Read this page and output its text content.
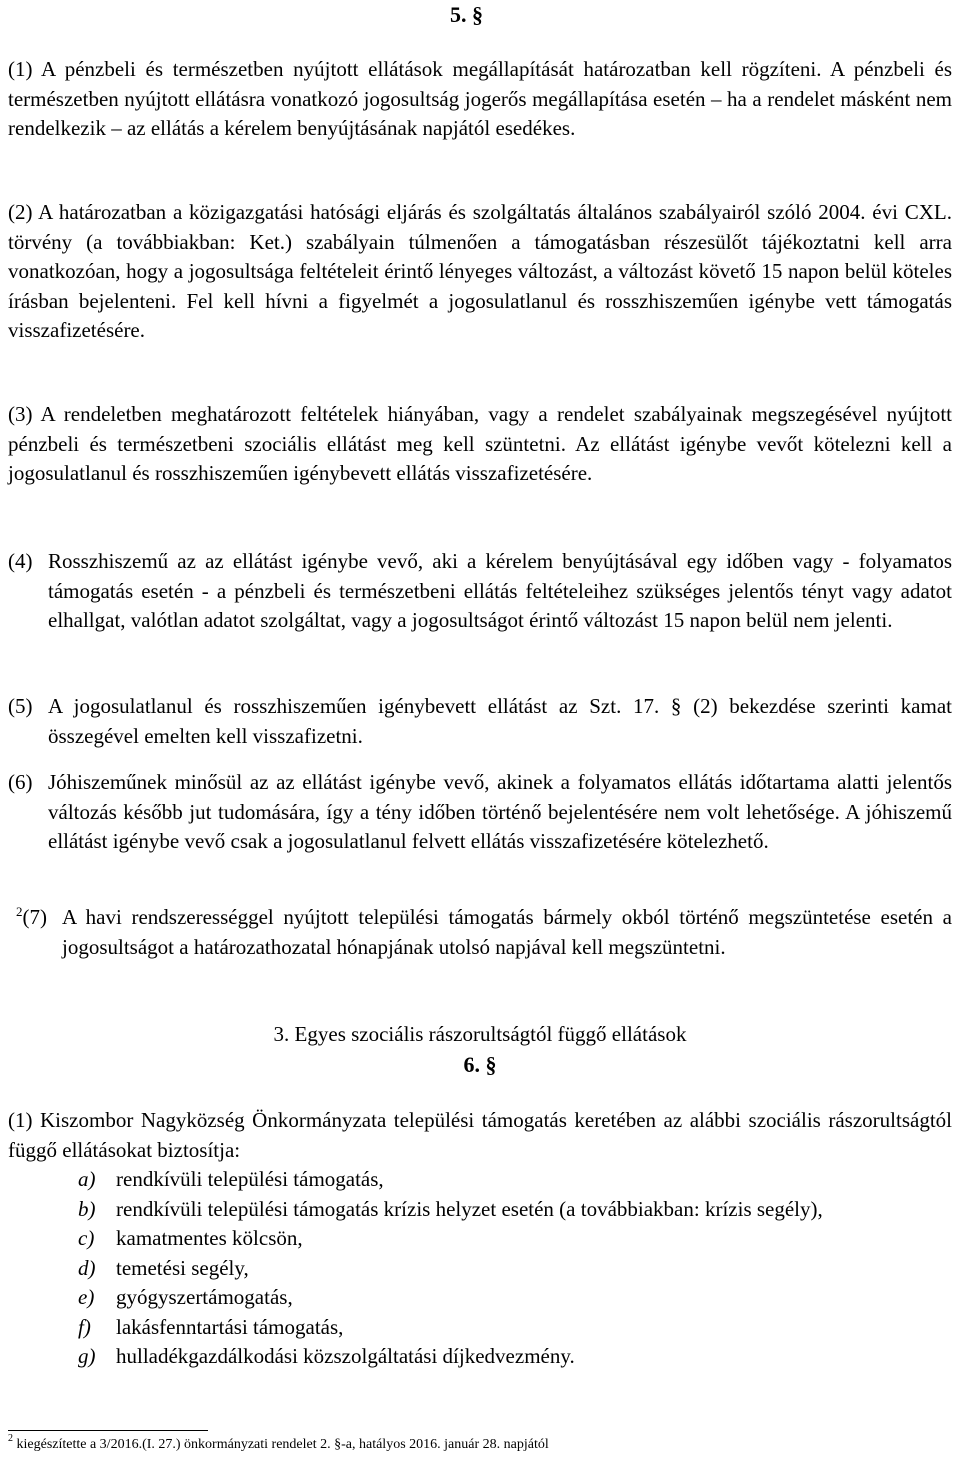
5. §
(1) A pénzbeli és természetben nyújtott ellátások megállapítását határozatban kell rögzíteni. A pénzbeli és természetben nyújtott ellátásra vonatkozó jogosultság jogerős megállapítása esetén – ha a rendelet másként nem rendelkezik – az ellátás a kérelem benyújtásának napjától esedékes.
(2) A határozatban a közigazgatási hatósági eljárás és szolgáltatás általános szabályairól szóló 2004. évi CXL. törvény (a továbbiakban: Ket.) szabályain túlmenően a támogatásban részesülőt tájékoztatni kell arra vonatkozóan, hogy a jogosultsága feltételeit érintő lényeges változást, a változást követő 15 napon belül köteles írásban bejelenteni. Fel kell hívni a figyelmét a jogosulatlanul és rosszhiszeműen igénybe vett támogatás visszafizetésére.
(3) A rendeletben meghatározott feltételek hiányában, vagy a rendelet szabályainak megszegésével nyújtott pénzbeli és természetbeni szociális ellátást meg kell szüntetni. Az ellátást igénybe vevőt kötelezni kell a jogosulatlanul és rosszhiszeműen igénybevett ellátás visszafizetésére.
(4) Rosszhiszemű az az ellátást igénybe vevő, aki a kérelem benyújtásával egy időben vagy - folyamatos támogatás esetén - a pénzbeli és természetbeni ellátás feltételeihez szükséges jelentős tényt vagy adatot elhallgat, valótlan adatot szolgáltat, vagy a jogosultságot érintő változást 15 napon belül nem jelenti.
(5) A jogosulatlanul és rosszhiszeműen igénybevett ellátást az Szt. 17. § (2) bekezdése szerinti kamat összegével emelten kell visszafizetni.
(6) Jóhiszeműnek minősül az az ellátást igénybe vevő, akinek a folyamatos ellátás időtartama alatti jelentős változás később jut tudomására, így a tény időben történő bejelentésére nem volt lehetősége. A jóhiszemű ellátást igénybe vevő csak a jogosulatlanul felvett ellátás visszafizetésére kötelezhető.
$^2$(7) A havi rendszerességgel nyújtott települési támogatás bármely okból történő megszüntetése esetén a jogosultságot a határozathozatal hónapjának utolsó napjával kell megszüntetni.
3. Egyes szociális rászorultságtól függő ellátások
6. §
(1) Kiszombor Nagyközség Önkormányzata települési támogatás keretében az alábbi szociális rászorultságtól függő ellátásokat biztosítja:
a) rendkívüli települési támogatás,
b) rendkívüli települési támogatás krízis helyzet esetén (a továbbiakban: krízis segély),
c) kamatmentes kölcsön,
d) temetési segély,
e) gyógyszertámogatás,
f) lakásfenntartási támogatás,
g) hulladékgazdálkodási közszolgáltatási díjkedvezmény.
$^2$ kiegészítette a 3/2016.(I. 27.) önkormányzati rendelet 2. §-a, hatályos 2016. január 28. napjától
